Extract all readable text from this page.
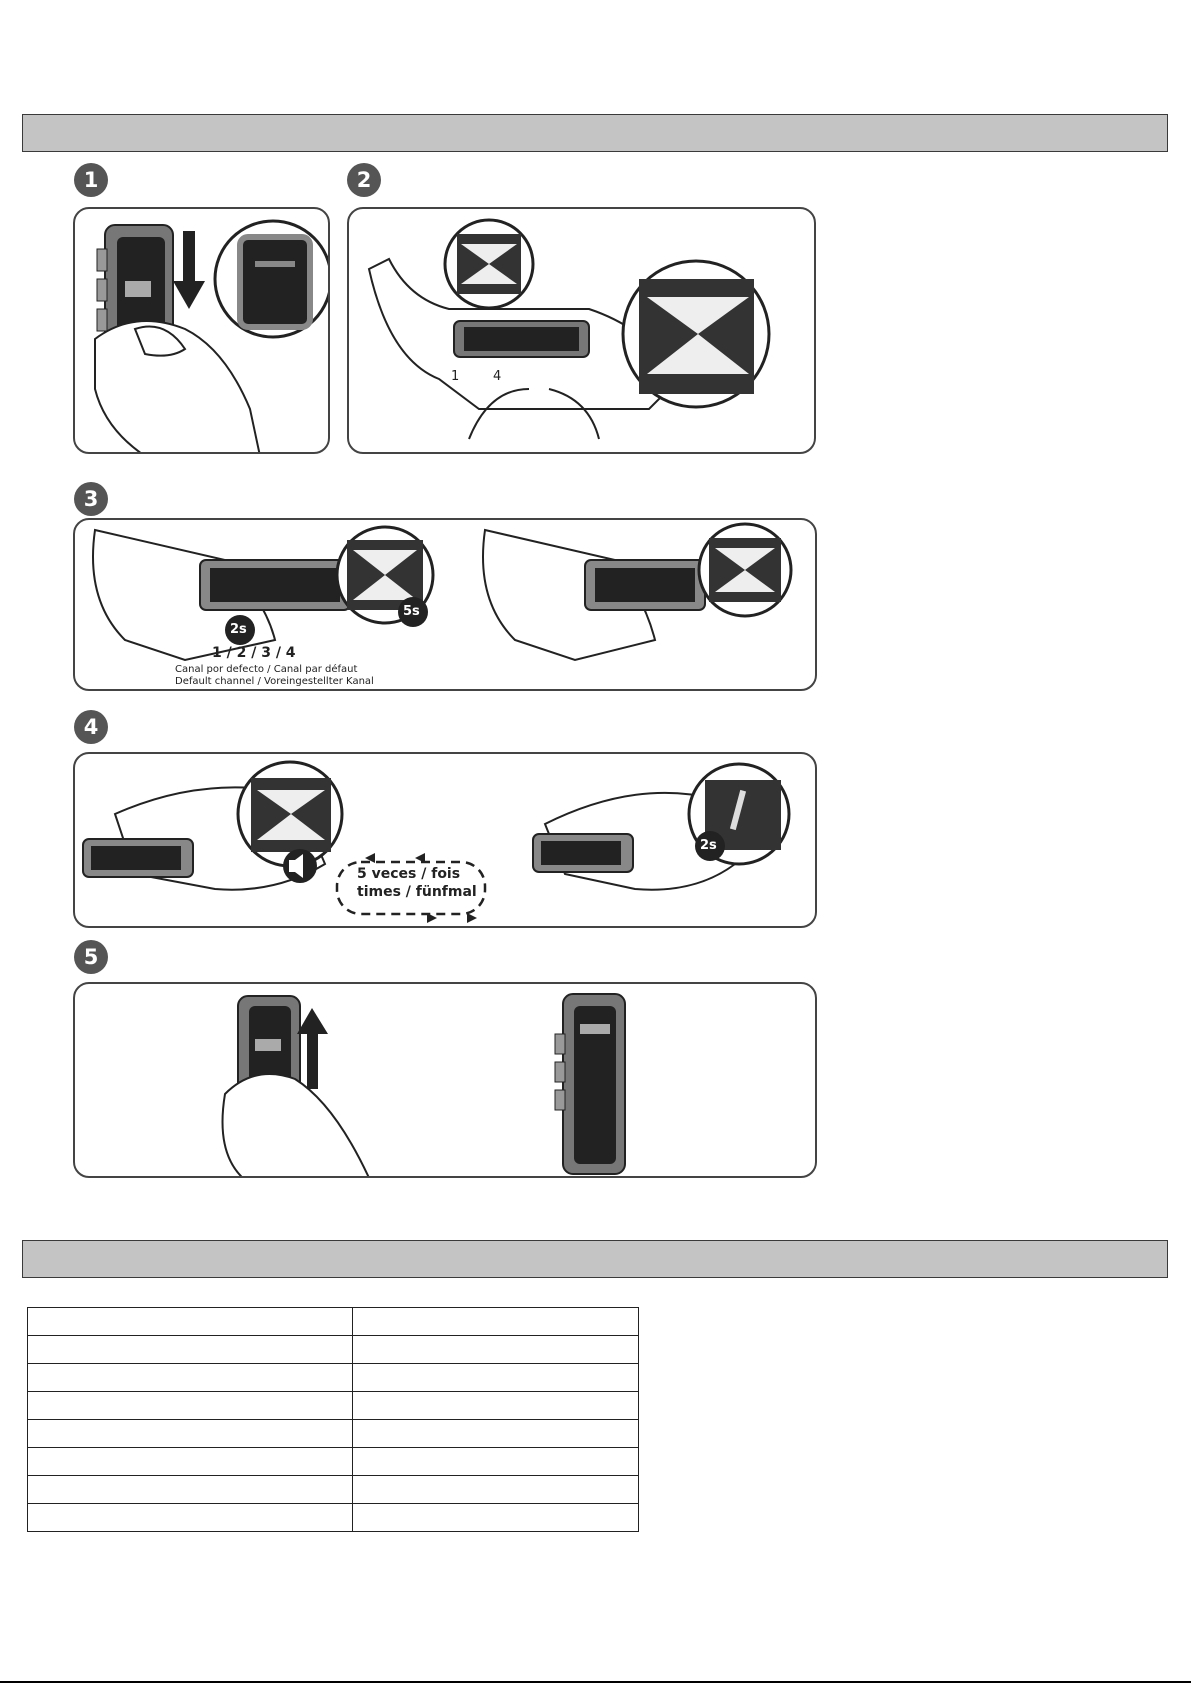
1	2
3
4
5
1	4
2s
5s
1 / 2 / 3 / 4
Canal por defecto / Canal par défaut
Default channel / Voreingestellter Kanal
5 veces / fois
times / fünfmal
2s
